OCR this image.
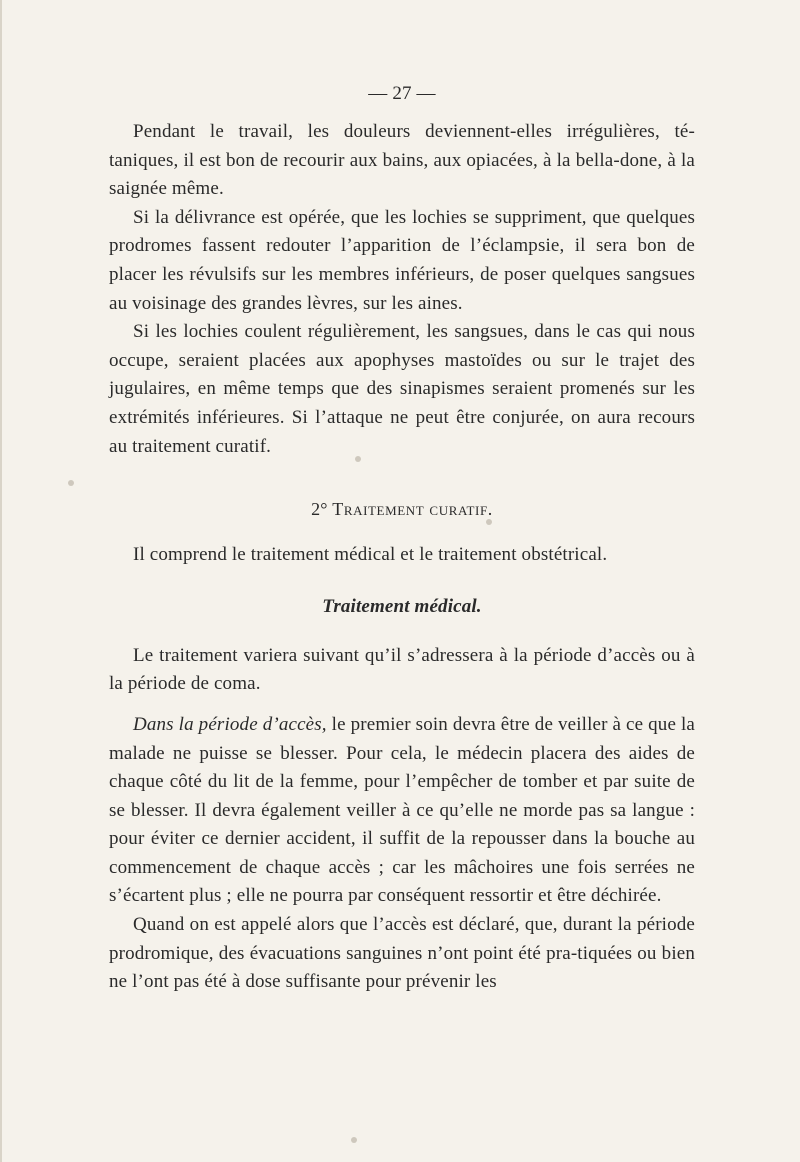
— 27 —

Pendant le travail, les douleurs deviennent-elles irrégulières, té-taniques, il est bon de recourir aux bains, aux opiacées, à la bella-done, à la saignée même.

Si la délivrance est opérée, que les lochies se suppriment, que quelques prodromes fassent redouter l’apparition de l’éclampsie, il sera bon de placer les révulsifs sur les membres inférieurs, de poser quelques sangsues au voisinage des grandes lèvres, sur les aines.

Si les lochies coulent régulièrement, les sangsues, dans le cas qui nous occupe, seraient placées aux apophyses mastoïdes ou sur le trajet des jugulaires, en même temps que des sinapismes seraient promenés sur les extrémités inférieures. Si l’attaque ne peut être conjurée, on aura recours au traitement curatif.

2° Traitement curatif.

Il comprend le traitement médical et le traitement obstétrical.

Traitement médical.

Le traitement variera suivant qu’il s’adressera à la période d’accès ou à la période de coma.

Dans la période d’accès, le premier soin devra être de veiller à ce que la malade ne puisse se blesser. Pour cela, le médecin placera des aides de chaque côté du lit de la femme, pour l’empêcher de tomber et par suite de se blesser. Il devra également veiller à ce qu’elle ne morde pas sa langue : pour éviter ce dernier accident, il suffit de la repousser dans la bouche au commencement de chaque accès ; car les mâchoires une fois serrées ne s’écartent plus ; elle ne pourra par conséquent ressortir et être déchirée.

Quand on est appelé alors que l’accès est déclaré, que, durant la période prodromique, des évacuations sanguines n’ont point été pra-tiquées ou bien ne l’ont pas été à dose suffisante pour prévenir les
